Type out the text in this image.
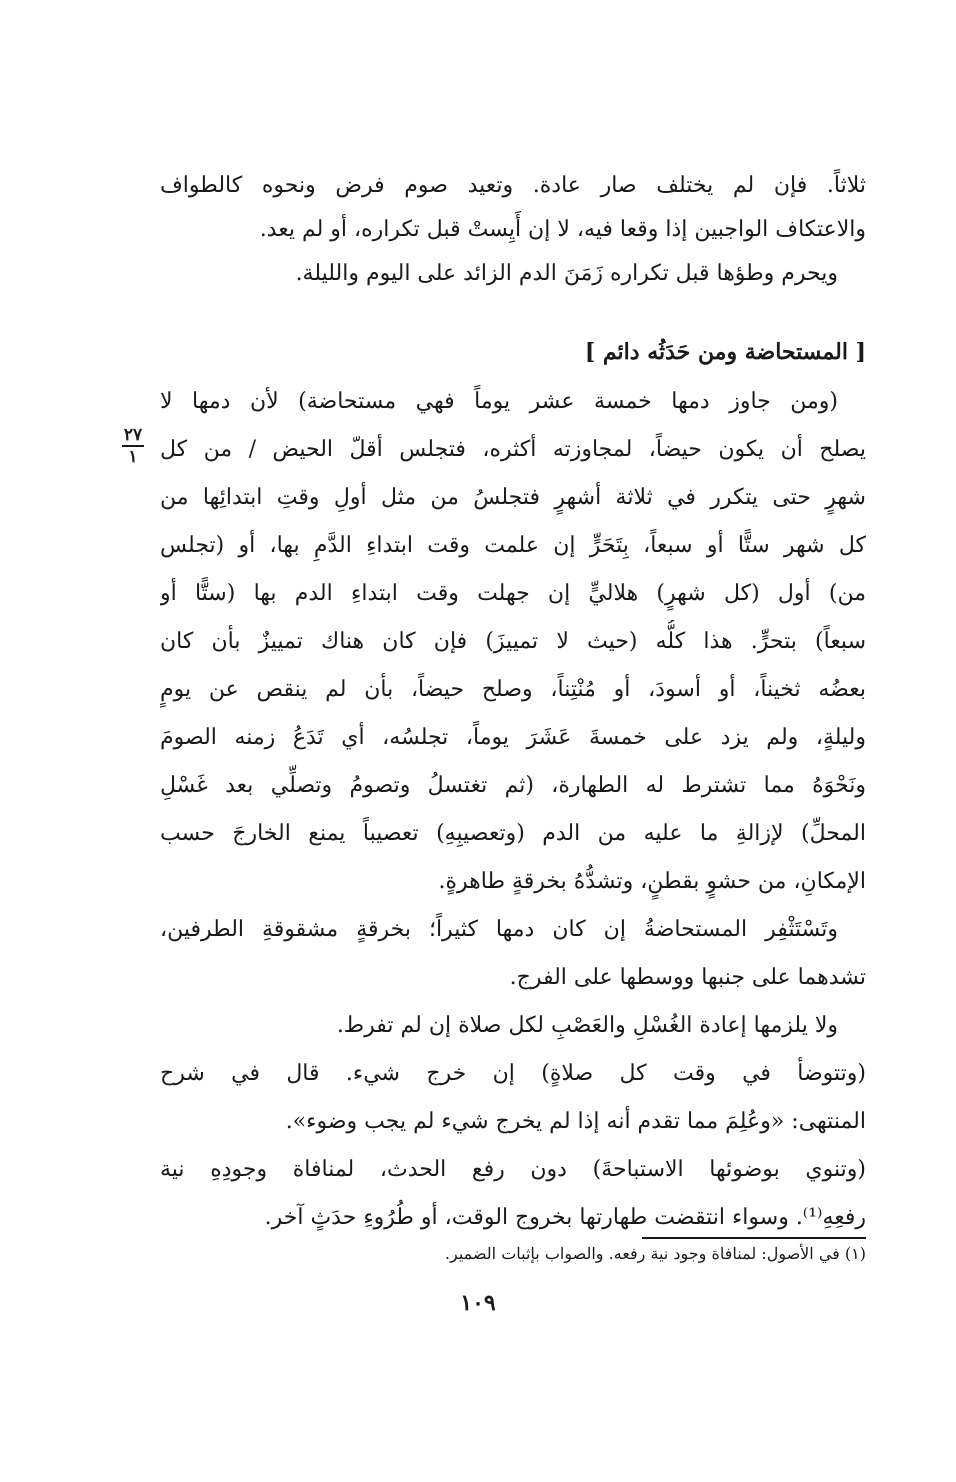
ثلاثاً. فإن لم يختلف صار عادة. وتعيد صوم فرض ونحوه كالطواف
والاعتكاف الواجبين إذا وقعا فيه، لا إن أَيِستْ قبل تكراره، أو لم يعد.
ويحرم وطؤها قبل تكراره زَمَنَ الدم الزائد على اليوم والليلة.
[ المستحاضة ومن حَدَثُه دائم ]
(ومن جاوز دمها خمسة عشر يوماً فهي مستحاضة) لأن دمها لا
يصلح أن يكون حيضاً، لمجاوزته أكثره، فتجلس أقلّ الحيض / من كل
شهرٍ حتى يتكرر في ثلاثة أشهرٍ فتجلسُ من مثل أولِ وقتِ ابتدائِها من
كل شهر ستًّا أو سبعاً، بِتَحَرٍّ إن علمت وقت ابتداءِ الدَّمِ بها، أو (تجلس
من) أول (كل شهرٍ) هلاليٍّ إن جهلت وقت ابتداءِ الدم بها (ستًّا أو
سبعاً) بتحرٍّ. هذا كلُّه (حيث لا تمييزَ) فإن كان هناك تمييزٌ بأن كان
بعضُه ثخيناً، أو أسودَ، أو مُنْتِناً، وصلح حيضاً، بأن لم ينقص عن يومٍ
وليلةٍ، ولم يزد على خمسةَ عَشَرَ يوماً، تجلسُه، أي تَدَعُ زمنه الصومَ
ونَحْوَهُ مما تشترط له الطهارة، (ثم تغتسلُ وتصومُ وتصلِّي بعد غَسْلِ
المحلِّ) لإزالةِ ما عليه من الدم (وتعصيبِهِ) تعصيباً يمنع الخارجَ حسب
الإمكانِ، من حشوٍ بقطنٍ، وتشدُّهُ بخرقةٍ طاهرةٍ.
وتَسْتَثْفِر المستحاضةُ إن كان دمها كثيراً؛ بخرقةٍ مشقوقةِ الطرفين،
تشدهما على جنبها ووسطها على الفرج.
ولا يلزمها إعادة الغُسْلِ والعَصْبِ لكل صلاة إن لم تفرط.
(وتتوضأ في وقت كل صلاةٍ) إن خرج شيء. قال في شرح
المنتهى: «وعُلِمَ مما تقدم أنه إذا لم يخرج شيء لم يجب وضوء».
(وتنوي بوضوئها الاستباحةَ) دون رفع الحدث، لمنافاة وجودِهِ نية
رفعِهِ⁽¹⁾. وسواء انتقضت طهارتها بخروج الوقت، أو طُرُوءِ حدَثٍ آخر.
٢٧
١
(١) في الأصول: لمنافاة وجود نية رفعه. والصواب بإثبات الضمير.
١٠٩
